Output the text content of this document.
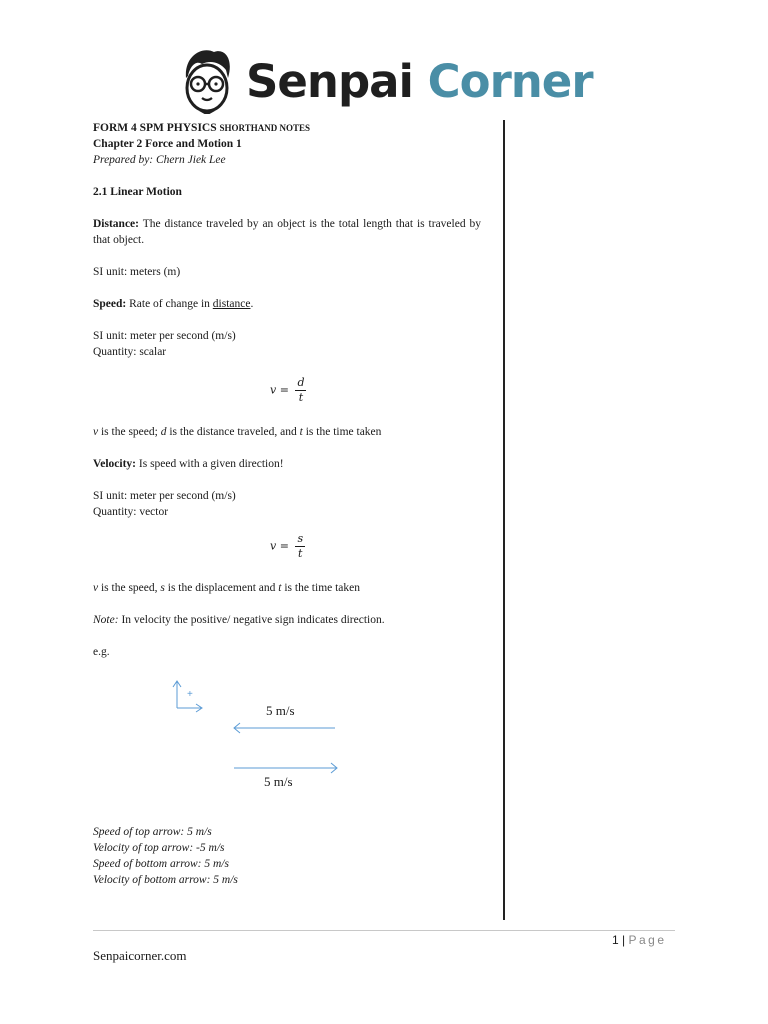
Senpai Corner

FORM 4 SPM PHYSICS SHORTHAND NOTES

Chapter 2 Force and Motion 1

Prepared by: Chern Jiek Lee

2.1 Linear Motion

Distance: The distance traveled by an object is the total length that is traveled by that object.

SI unit: meters (m)

Speed: Rate of change in distance.

SI unit: meter per second (m/s)

Quantity: scalar

v is the speed; d is the distance traveled, and t is the time taken

Velocity: Is speed with a given direction!

SI unit: meter per second (m/s)

Quantity: vector

v is the speed, s is the displacement and t is the time taken

Note: In velocity the positive/ negative sign indicates direction.

e.g.

$v = \frac{d}{t}$
$v = \frac{s}{t}$
+
5 m/s
5 m/s

Speed of top arrow: 5 m/s

Velocity of top arrow: -5 m/s

Speed of bottom arrow: 5 m/s

Velocity of bottom arrow: 5 m/s

1 | Page
Senpaicorner.com
